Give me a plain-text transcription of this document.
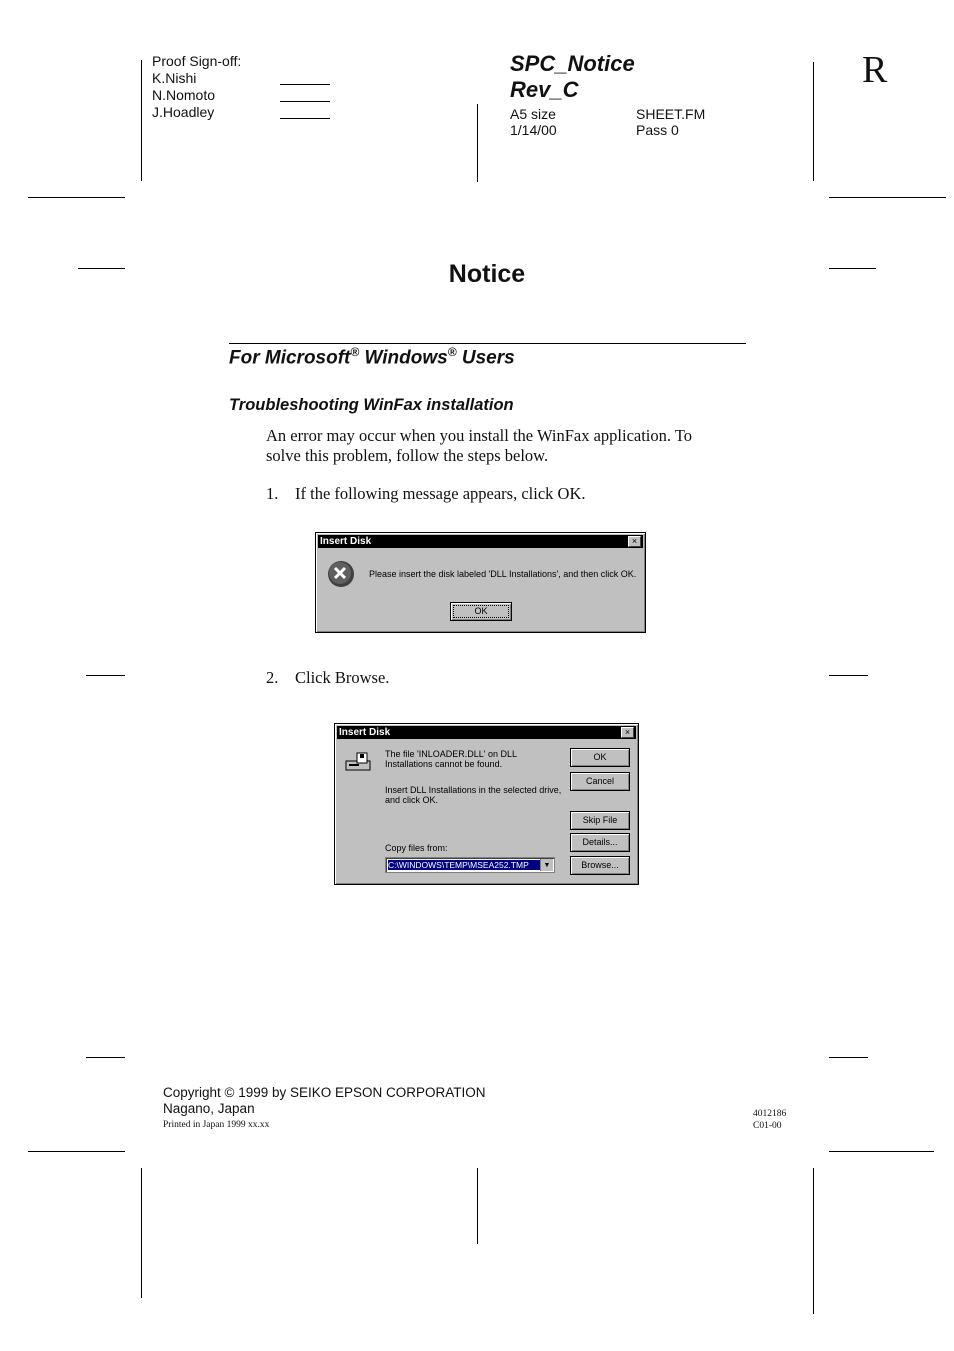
Proof Sign-off:
K.Nishi
N.Nomoto
J.Hoadley
SPC_Notice
Rev_C
A5 size	SHEET.FM
1/14/00	Pass 0
R
Notice
For Microsoft® Windows® Users
Troubleshooting WinFax installation
An error may occur when you install the WinFax application. To
solve this problem, follow the steps below.
1. If the following message appears, click OK.
Insert Disk	×
Please insert the disk labeled 'DLL Installations', and then click OK.
OK
2. Click Browse.
Insert Disk	×
The file 'INLOADER.DLL' on DLL
Installations cannot be found.
Insert DLL Installations in the selected drive,
and click OK.
Copy files from:
C:\WINDOWS\TEMP\MSEA252.TMP	▼
OK
Cancel
Skip File
Details...
Browse...
Copyright © 1999 by SEIKO EPSON CORPORATION
Nagano, Japan
Printed in Japan 1999 xx.xx
4012186
C01-00
